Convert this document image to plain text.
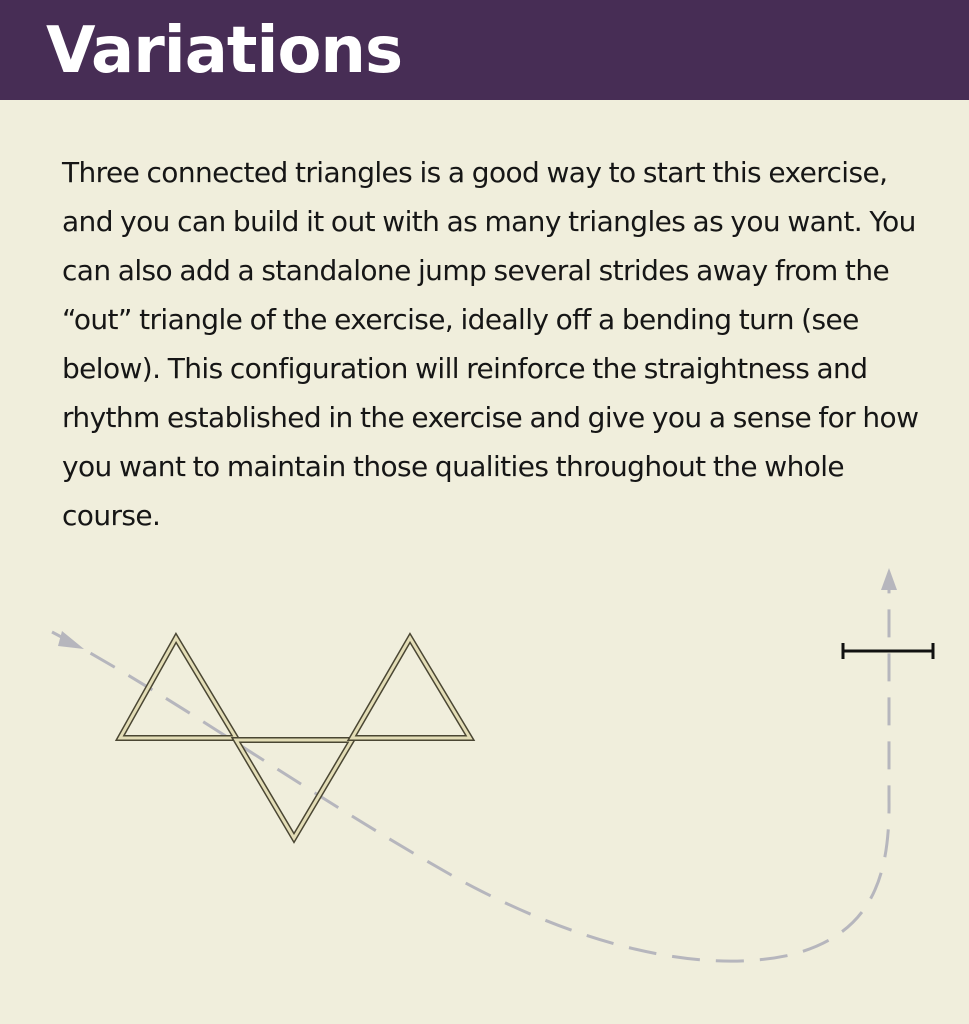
Variations

Three connected triangles is a good way to start this exercise, and you can build it out with as many triangles as you want. You can also add a standalone jump several strides away from the “out” triangle of the exercise, ideally off a bending turn (see below). This configuration will reinforce the straightness and rhythm established in the exercise and give you a sense for how you want to maintain those qualities throughout the whole course.
